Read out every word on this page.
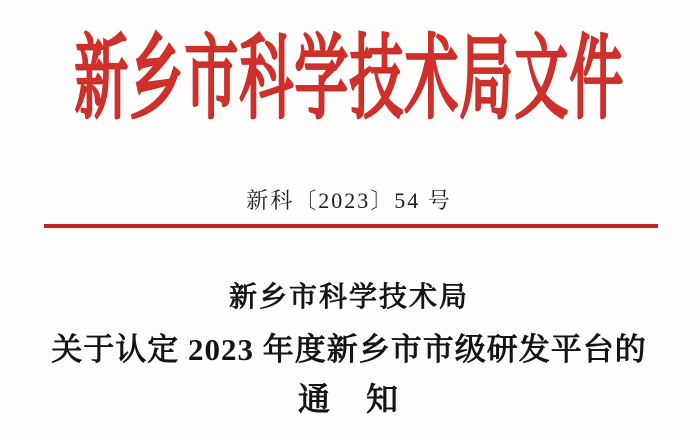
新乡市科学技术局文件
新科〔2023〕54 号

新乡市科学技术局

关于认定 2023 年度新乡市市级研发平台的

通　知
